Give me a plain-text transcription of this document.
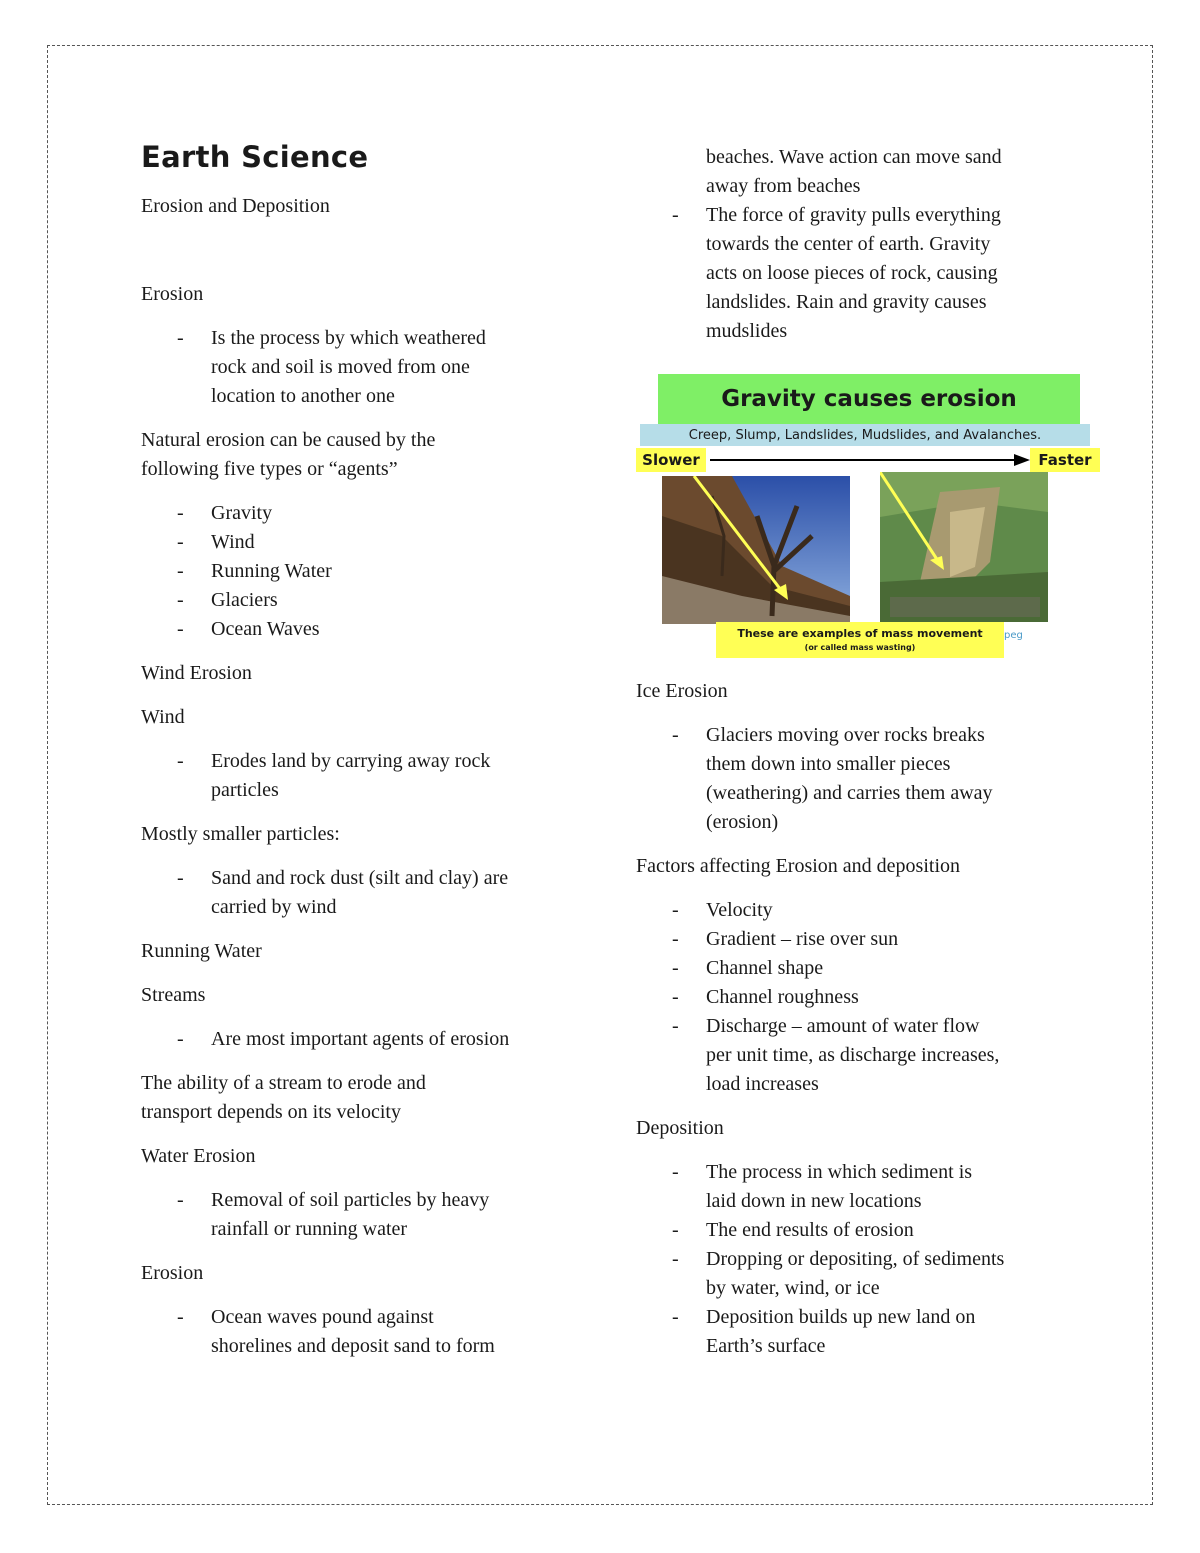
Earth Science

Erosion and Deposition

Erosion

- Is the process by which weathered
rock and soil is moved from one
location to another one

Natural erosion can be caused by the
following five types or “agents”

- Gravity
- Wind
- Running Water
- Glaciers
- Ocean Waves

Wind Erosion

Wind

- Erodes land by carrying away rock
particles

Mostly smaller particles:

- Sand and rock dust (silt and clay) are
carried by wind

Running Water

Streams

- Are most important agents of erosion

The ability of a stream to erode and
transport depends on its velocity

Water Erosion

- Removal of soil particles by heavy
rainfall or running water

Erosion

- Ocean waves pound against
shorelines and deposit sand to form
beaches. Wave action can move sand
away from beaches
- The force of gravity pulls everything
towards the center of earth. Gravity
acts on loose pieces of rock, causing
landslides. Rain and gravity causes
mudslides
Gravity causes erosion
Creep, Slump, Landslides, Mudslides, and Avalanches.
Slower	Faster
These are examples of mass movement
(or called mass wasting)
peg

Ice Erosion

- Glaciers moving over rocks breaks
them down into smaller pieces
(weathering) and carries them away
(erosion)

Factors affecting Erosion and deposition

- Velocity
- Gradient – rise over sun
- Channel shape
- Channel roughness
- Discharge – amount of water flow
per unit time, as discharge increases,
load increases

Deposition

- The process in which sediment is
laid down in new locations
- The end results of erosion
- Dropping or depositing, of sediments
by water, wind, or ice
- Deposition builds up new land on
Earth’s surface
